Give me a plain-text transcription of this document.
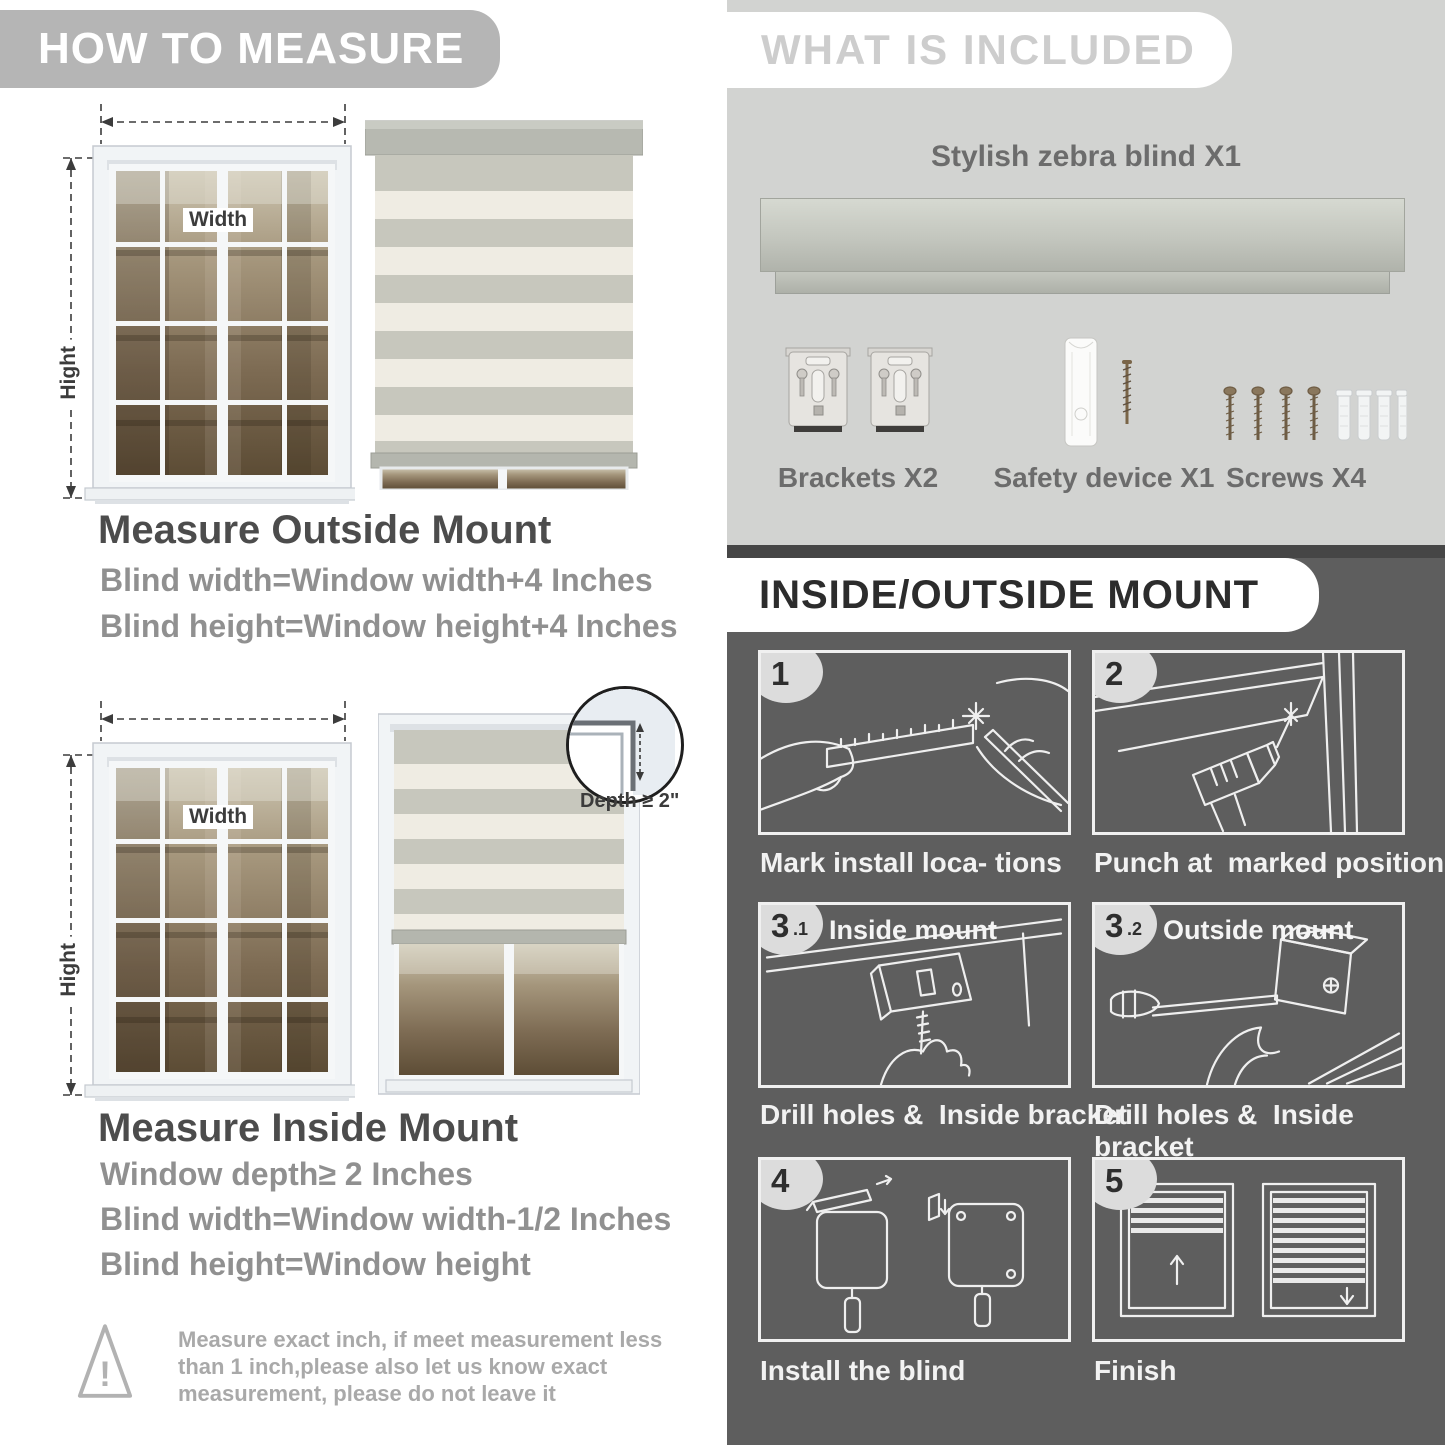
HOW TO MEASURE
Width
Hight
Measure Outside Mount
Blind width=Window width+4 Inches
Blind height=Window height+4 Inches
Width
Hight
Depth ≥ 2"
Measure Inside Mount
Window depth≥ 2 Inches
Blind width=Window width-1/2 Inches
Blind height=Window height
!
Measure exact inch, if meet measurement less
than 1 inch,please also let us know exact
measurement, please do not leave it
WHAT IS INCLUDED
Stylish zebra blind X1
Brackets X2 Safety device X1 Screws X4
INSIDE/OUTSIDE MOUNT
1
Mark install loca- tions
2
Punch at  marked position
3 .1 Inside mount
Drill holes &  Inside bracket
3 .2 Outside mount
Drill holes &  Inside bracket
4
Install the blind
5
Finish
